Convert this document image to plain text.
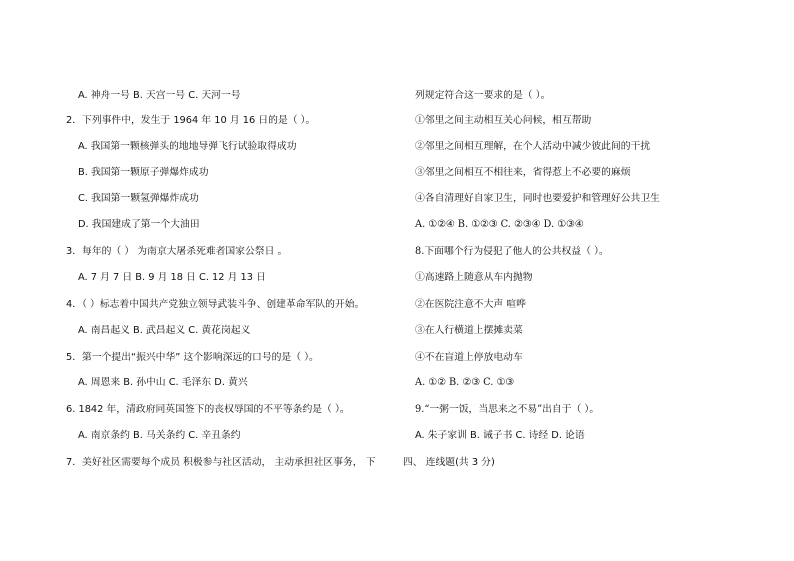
A. 神舟一号 B. 天宫一号 C. 天河一号
2．下列事件中，发生于 1964 年 10 月 16 日的是（ ）。
A. 我国第一颗核弹头的地地导弹飞行试验取得成功
B. 我国第一颗原子弹爆炸成功
C. 我国第一颗氢弹爆炸成功
D. 我国建成了第一个大油田
3．每年的（ ） 为南京大屠杀死难者国家公祭日 。
A. 7 月 7 日 B. 9 月 18 日 C. 12 月 13 日
4．（ ）标志着中国共产党独立领导武装斗争、创建革命军队的开始。
A. 南昌起义 B. 武昌起义 C. 黄花岗起义
5．第一个提出“振兴中华” 这个影响深远的口号的是（ ）。
A. 周恩来 B. 孙中山 C. 毛泽东 D. 黄兴
6. 1842 年，清政府同英国签下的丧权辱国的不平等条约是（ ）。
A. 南京条约 B. 马关条约 C. 辛丑条约
7．美好社区需要每个成员 积极参与社区活动， 主动承担社区事务， 下
列规定符合这一要求的是（ ）。
①邻里之间主动相互关心问候，相互帮助
②邻里之间相互理解，在个人活动中减少彼此间的干扰
③邻里之间相互不相往来，省得惹上不必要的麻烦
④各自清理好自家卫生，同时也要爱护和管理好公共卫生
A. ①②④ B. ①②③ C. ②③④ D. ①③④
8.下面哪个行为侵犯了他人的公共权益（ ）。
①高速路上随意从车内抛物
②在医院注意不大声 喧哗
③在人行横道上摆摊卖菜
④不在盲道上停放电动车
A. ①② B. ②③ C. ①③
9.“一粥一饭，当思来之不易”出自于（ ）。
A. 朱子家训 B. 诫子书 C. 诗经 D. 论语
四、 连线题(共 3 分)
